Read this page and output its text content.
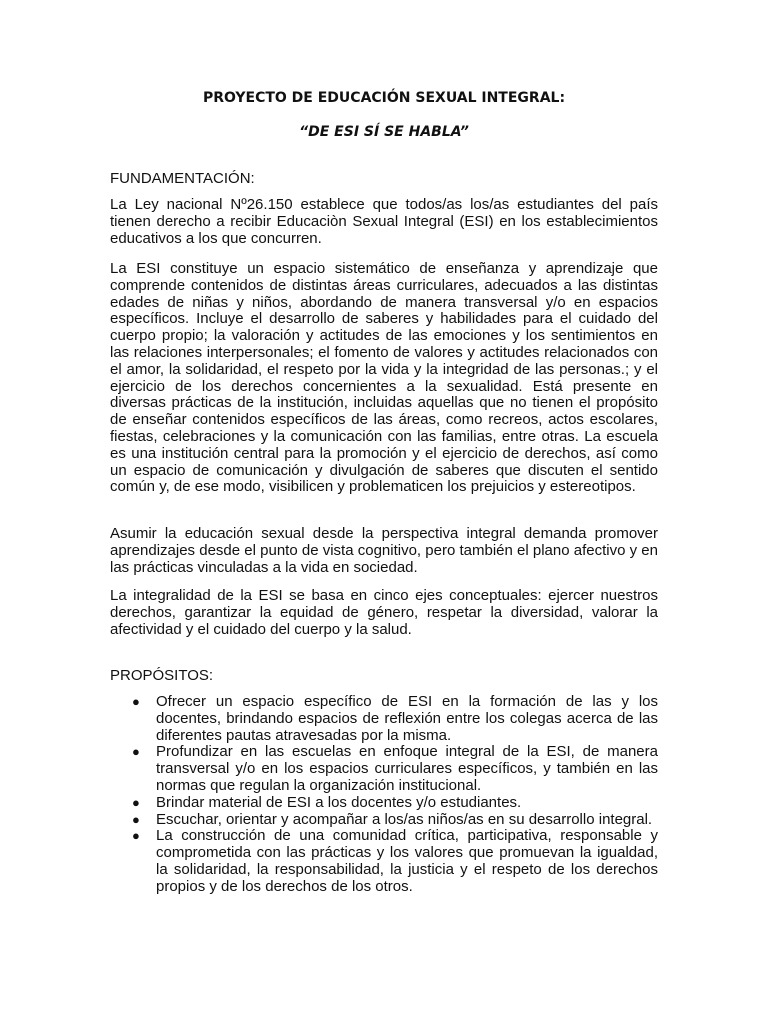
PROYECTO DE EDUCACIÓN SEXUAL INTEGRAL:
“DE ESI SÍ SE HABLA”

FUNDAMENTACIÓN:

La Ley nacional Nº26.150 establece que todos/as los/as estudiantes del país tienen derecho a recibir Educaciòn Sexual Integral (ESI) en los establecimientos educativos a los que concurren.

La ESI constituye un espacio sistemático de enseñanza y aprendizaje que comprende contenidos de distintas áreas curriculares, adecuados a las distintas edades de niñas y niños, abordando de manera transversal y/o en espacios específicos. Incluye el desarrollo de saberes y habilidades para el cuidado del cuerpo propio; la valoración y actitudes de las emociones y los sentimientos en las relaciones interpersonales; el fomento de valores y actitudes relacionados con el amor, la solidaridad, el respeto por la vida y la integridad de las personas.; y el ejercicio de los derechos concernientes a la sexualidad. Está presente en diversas prácticas de la institución, incluidas aquellas que no tienen el propósito de enseñar contenidos específicos de las áreas, como recreos, actos escolares, fiestas, celebraciones y la comunicación con las familias, entre otras. La escuela es una institución central para la promoción y el ejercicio de derechos, así como un espacio de comunicación y divulgación de saberes que discuten el sentido común y, de ese modo, visibilicen y problematicen los prejuicios y estereotipos.

Asumir la educación sexual desde la perspectiva integral demanda promover aprendizajes desde el punto de vista cognitivo, pero también el plano afectivo y en las prácticas vinculadas a la vida en sociedad.

La integralidad de la ESI se basa en cinco ejes conceptuales: ejercer nuestros derechos, garantizar la equidad de género, respetar la diversidad, valorar la afectividad y el cuidado del cuerpo y la salud.

PROPÓSITOS:

● Ofrecer un espacio específico de ESI en la formación de las y los docentes, brindando espacios de reflexión entre los colegas acerca de las diferentes pautas atravesadas por la misma.
● Profundizar en las escuelas en enfoque integral de la ESI, de manera transversal y/o en los espacios curriculares específicos, y también en las normas que regulan la organización institucional.
● Brindar material de ESI a los docentes y/o estudiantes.
● Escuchar, orientar y acompañar a los/as niños/as en su desarrollo integral.
● La construcción de una comunidad crítica, participativa, responsable y comprometida con las prácticas y los valores que promuevan la igualdad, la solidaridad, la responsabilidad, la justicia y el respeto de los derechos propios y de los derechos de los otros.
